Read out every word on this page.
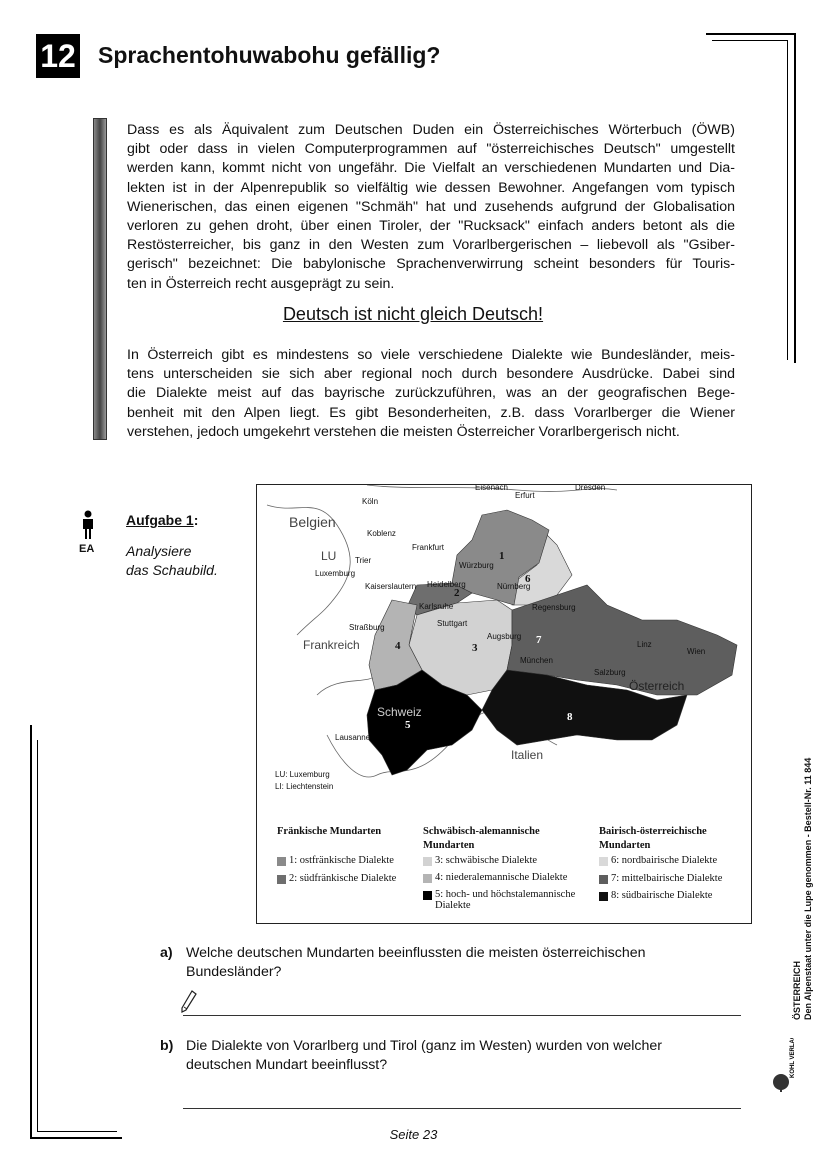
12 Sprachentohuwabohu gefällig?
Dass es als Äquivalent zum Deutschen Duden ein Österreichisches Wörterbuch (ÖWB)
gibt oder dass in vielen Computerprogrammen auf "österreichisches Deutsch" umgestellt
werden kann, kommt nicht von ungefähr. Die Vielfalt an verschiedenen Mundarten und Dia-
lekten ist in der Alpenrepublik so vielfältig wie dessen Bewohner. Angefangen vom typisch
Wienerischen, das einen eigenen "Schmäh" hat und zusehends aufgrund der Globalisation
verloren zu gehen droht, über einen Tiroler, der "Rucksack" einfach anders betont als die
Restösterreicher, bis ganz in den Westen zum Vorarlbergerischen – liebevoll als "Gsiber-
gerisch" bezeichnet: Die babylonische Sprachenverwirrung scheint besonders für Touris-
ten in Österreich recht ausgeprägt zu sein.
Deutsch ist nicht gleich Deutsch!
In Österreich gibt es mindestens so viele verschiedene Dialekte wie Bundesländer, meis-
tens unterscheiden sie sich aber regional noch durch besondere Ausdrücke. Dabei sind
die Dialekte meist auf das bayrische zurückzuführen, was an der geografischen Bege-
benheit mit den Alpen liegt. Es gibt Besonderheiten, z.B. dass Vorarlberger die Wiener
verstehen, jedoch umgekehrt verstehen die meisten Österreicher Vorarlbergerisch nicht.
EA
Aufgabe 1:
Analysiere
das Schaubild.
Eisenach
Erfurt
Dresden
Köln
Koblenz
Frankfurt
Trier
Luxemburg
Kaiserslautern
Würzburg
Heidelberg	Nürnberg
Karlsruhe	Regensburg
Straßburg	Stuttgart
Augsburg
Linz
Wien
München
Salzburg
Lausanne
Belgien
LU
Frankreich
Schweiz
Italien
Österreich
1
2
3
4
5
6
7
8
LU: Luxemburg
LI: Liechtenstein
Fränkische Mundarten
1: ostfränkische Dialekte
2: südfränkische Dialekte
Schwäbisch-alemannische Mundarten
3: schwäbische Dialekte
4: niederalemannische Dialekte
5: hoch- und höchstalemannische Dialekte
Bairisch-österreichische Mundarten
6: nordbairische Dialekte
7: mittelbairische Dialekte
8: südbairische Dialekte
a) Welche deutschen Mundarten beeinflussten die meisten österreichischen
Bundesländer?
b) Die Dialekte von Vorarlberg und Tirol (ganz im Westen) wurden von welcher
deutschen Mundart beeinflusst?
ÖSTERREICH Den Alpenstaat unter die Lupe genommen - Bestell-Nr. 11 844
KOHL VERLAG
Seite 23
